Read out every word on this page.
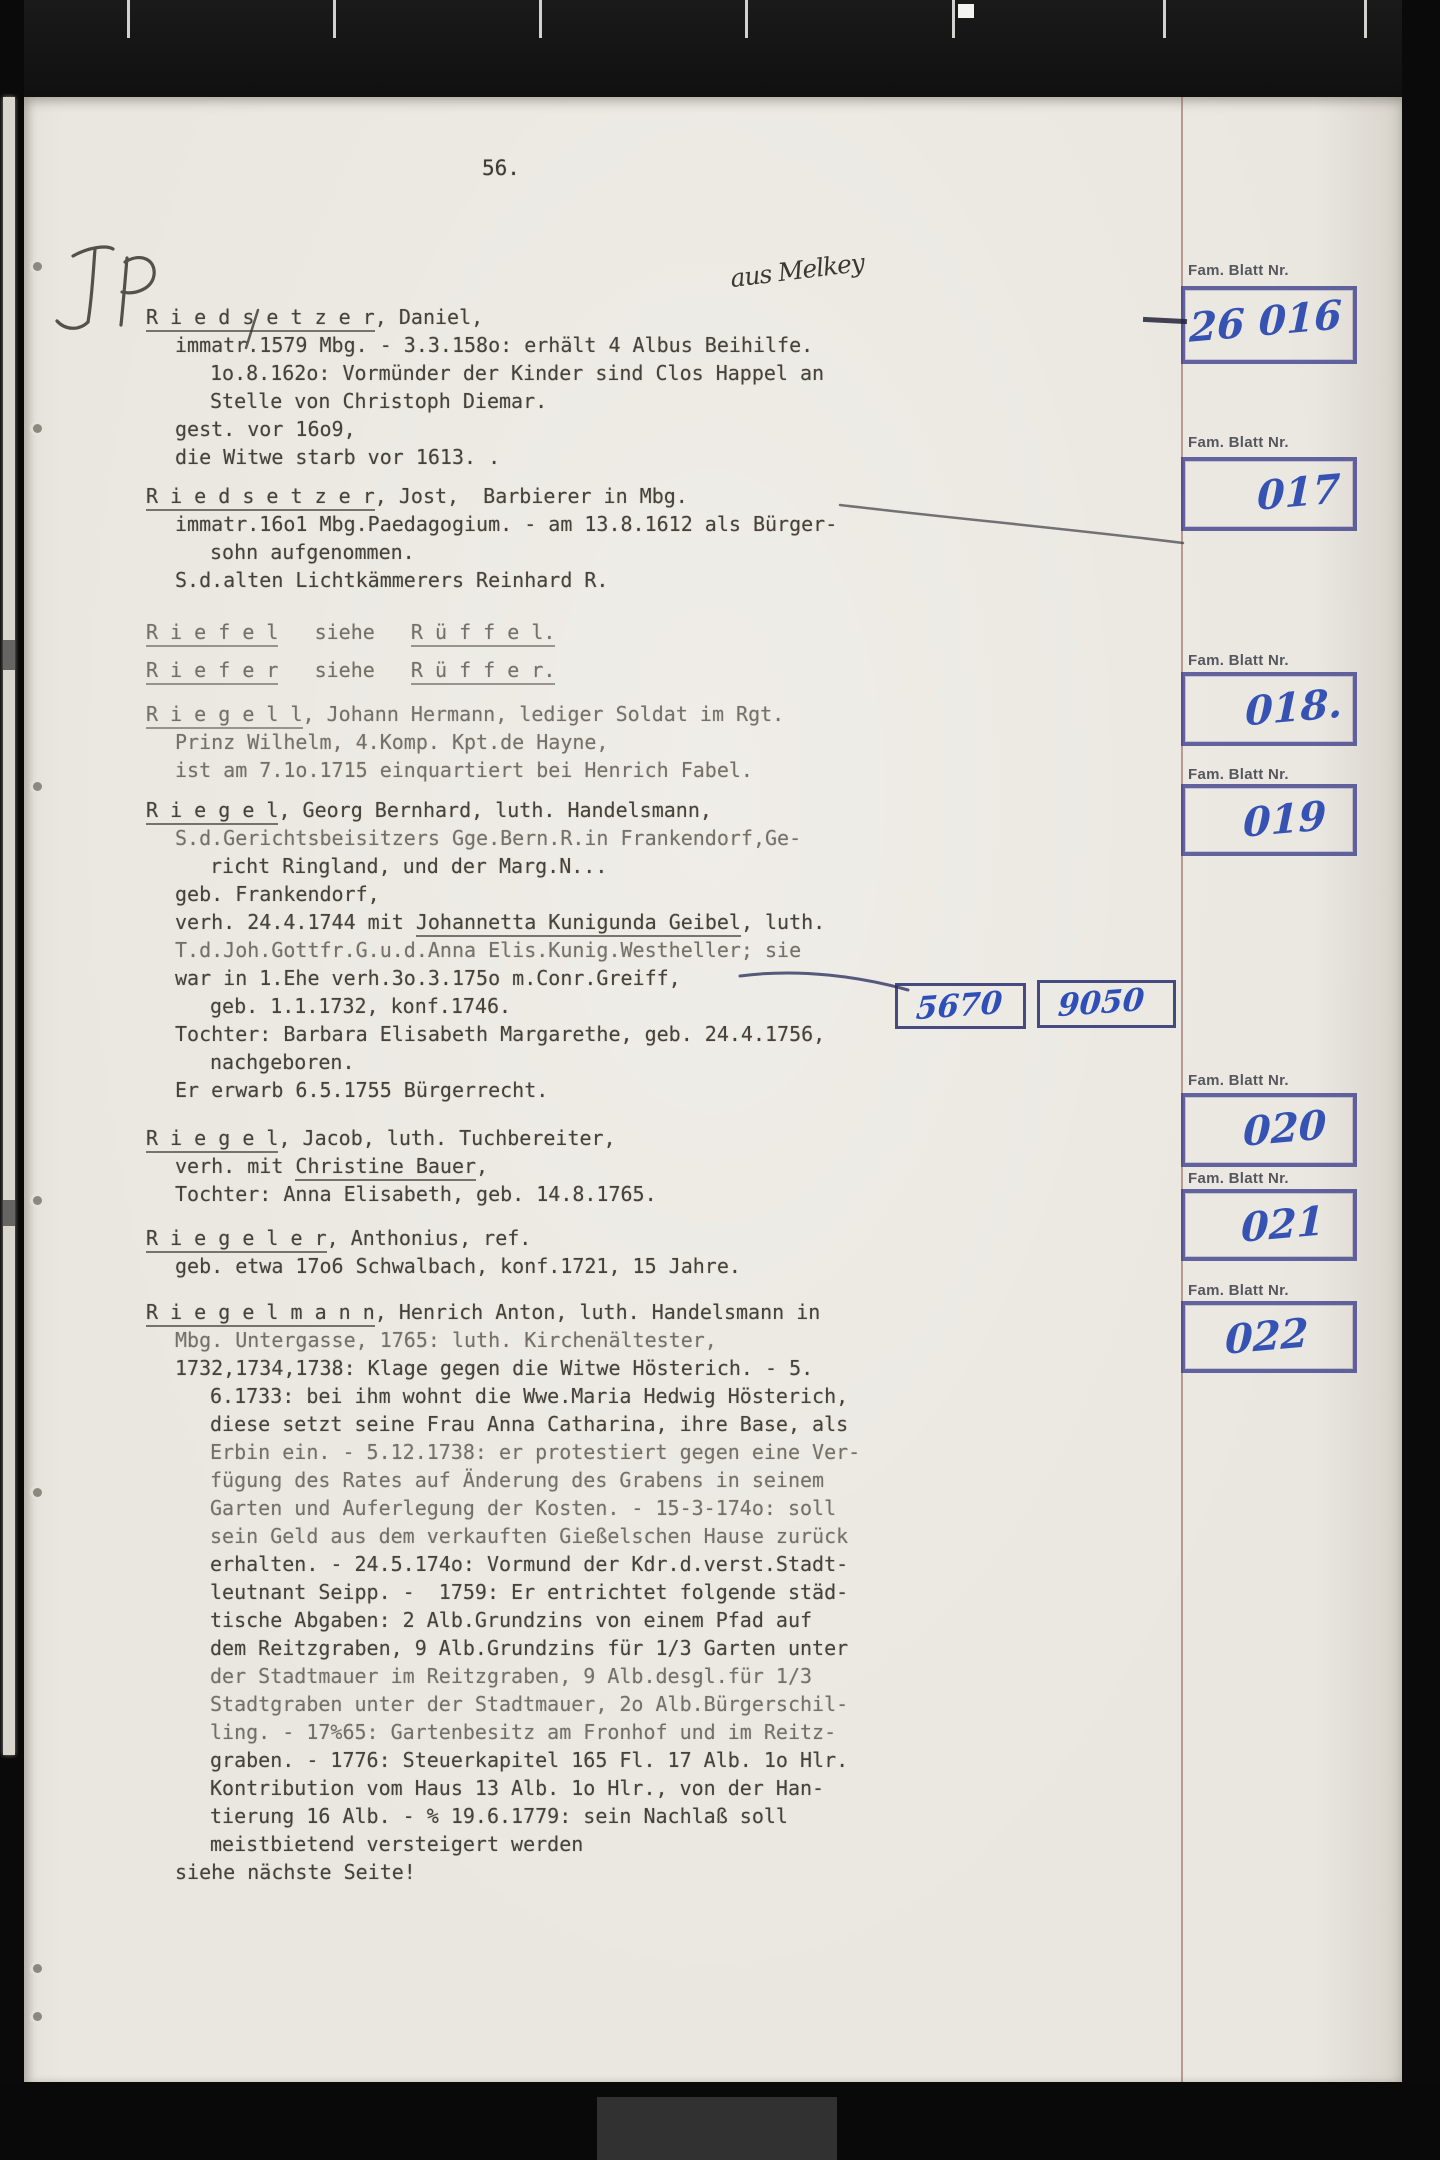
56.
R i e d s e t z e r, Daniel,
immatr.1579 Mbg. - 3.3.158o: erhält 4 Albus Beihilfe.
1o.8.162o: Vormünder der Kinder sind Clos Happel an
Stelle von Christoph Diemar.
gest. vor 16o9,
die Witwe starb vor 1613. .
R i e d s e t z e r, Jost,  Barbierer in Mbg.
immatr.16o1 Mbg.Paedagogium. - am 13.8.1612 als Bürger-
sohn aufgenommen.
S.d.alten Lichtkämmerers Reinhard R.
R i e f e l   siehe   R ü f f e l.
R i e f e r   siehe   R ü f f e r.
R i e g e l l, Johann Hermann, lediger Soldat im Rgt.
Prinz Wilhelm, 4.Komp. Kpt.de Hayne,
ist am 7.1o.1715 einquartiert bei Henrich Fabel.
R i e g e l, Georg Bernhard, luth. Handelsmann,
S.d.Gerichtsbeisitzers Gge.Bern.R.in Frankendorf,Ge-
richt Ringland, und der Marg.N...
geb. Frankendorf,
verh. 24.4.1744 mit Johannetta Kunigunda Geibel, luth.
T.d.Joh.Gottfr.G.u.d.Anna Elis.Kunig.Westheller; sie
war in 1.Ehe verh.3o.3.175o m.Conr.Greiff,
geb. 1.1.1732, konf.1746.
Tochter: Barbara Elisabeth Margarethe, geb. 24.4.1756,
nachgeboren.
Er erwarb 6.5.1755 Bürgerrecht.
R i e g e l, Jacob, luth. Tuchbereiter,
verh. mit Christine Bauer,
Tochter: Anna Elisabeth, geb. 14.8.1765.
R i e g e l e r, Anthonius, ref.
geb. etwa 17o6 Schwalbach, konf.1721, 15 Jahre.
R i e g e l m a n n, Henrich Anton, luth. Handelsmann in
Mbg. Untergasse, 1765: luth. Kirchenältester,
1732,1734,1738: Klage gegen die Witwe Hösterich. - 5.
6.1733: bei ihm wohnt die Wwe.Maria Hedwig Hösterich,
diese setzt seine Frau Anna Catharina, ihre Base, als
Erbin ein. - 5.12.1738: er protestiert gegen eine Ver-
fügung des Rates auf Änderung des Grabens in seinem
Garten und Auferlegung der Kosten. - 15-3-174o: soll
sein Geld aus dem verkauften Gießelschen Hause zurück
erhalten. - 24.5.174o: Vormund der Kdr.d.verst.Stadt-
leutnant Seipp. -  1759: Er entrichtet folgende städ-
tische Abgaben: 2 Alb.Grundzins von einem Pfad auf
dem Reitzgraben, 9 Alb.Grundzins für 1/3 Garten unter
der Stadtmauer im Reitzgraben, 9 Alb.desgl.für 1/3
Stadtgraben unter der Stadtmauer, 2o Alb.Bürgerschil-
ling. - 17%65: Gartenbesitz am Fronhof und im Reitz-
graben. - 1776: Steuerkapitel 165 Fl. 17 Alb. 1o Hlr.
Kontribution vom Haus 13 Alb. 1o Hlr., von der Han-
tierung 16 Alb. - % 19.6.1779: sein Nachlaß soll
meistbietend versteigert werden
siehe nächste Seite!
Fam. Blatt Nr.
26 016
Fam. Blatt Nr.
017
Fam. Blatt Nr.
018.
Fam. Blatt Nr.
019
Fam. Blatt Nr.
020
Fam. Blatt Nr.
021
Fam. Blatt Nr.
022
aus Melkey
5670	9050
